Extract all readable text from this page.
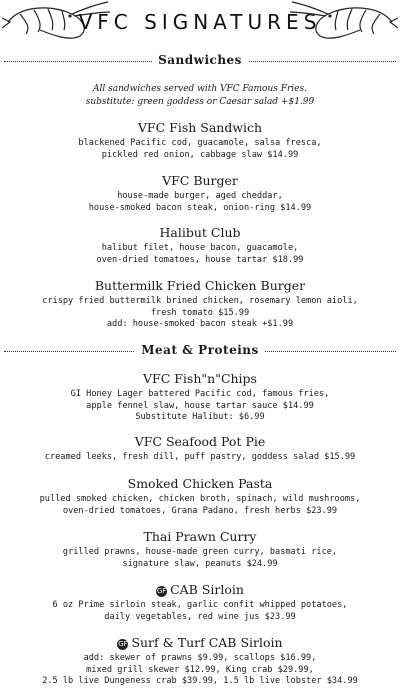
VFC SIGNATURES
Sandwiches
All sandwiches served with VFC Famous Fries.
substitute: green goddess or Caesar salad +$1.99
VFC Fish Sandwich
blackened Pacific cod, guacamole, salsa fresca,
pickled red onion, cabbage slaw $14.99
VFC Burger
house-made burger, aged cheddar,
house-smoked bacon steak, onion-ring $14.99
Halibut Club
halibut filet, house bacon, guacamole,
oven-dried tomatoes, house tartar $18.99
Buttermilk Fried Chicken Burger
crispy fried buttermilk brined chicken, rosemary lemon aioli,
fresh tomato $15.99
add: house-smoked bacon steak +$1.99
Meat & Proteins
VFC Fish"n"Chips
GI Honey Lager battered Pacific cod, famous fries,
apple fennel slaw, house tartar sauce $14.99
Substitute Halibut: $6.99
VFC Seafood Pot Pie
creamed leeks, fresh dill, puff pastry, goddess salad $15.99
Smoked Chicken Pasta
pulled smoked chicken, chicken broth, spinach, wild mushrooms,
oven-dried tomatoes, Grana Padano, fresh herbs $23.99
Thai Prawn Curry
grilled prawns, house-made green curry, basmati rice,
signature slaw, peanuts $24.99
GF CAB Sirloin
6 oz Prime sirloin steak, garlic confit whipped potatoes,
daily vegetables, red wine jus $23.99
GF Surf & Turf CAB Sirloin
add: skewer of prawns $9.99, scallops $16.99,
mixed grill skewer $12.99, King crab $29.99,
2.5 lb live Dungeness crab $39.99, 1.5 lb live lobster $34.99
